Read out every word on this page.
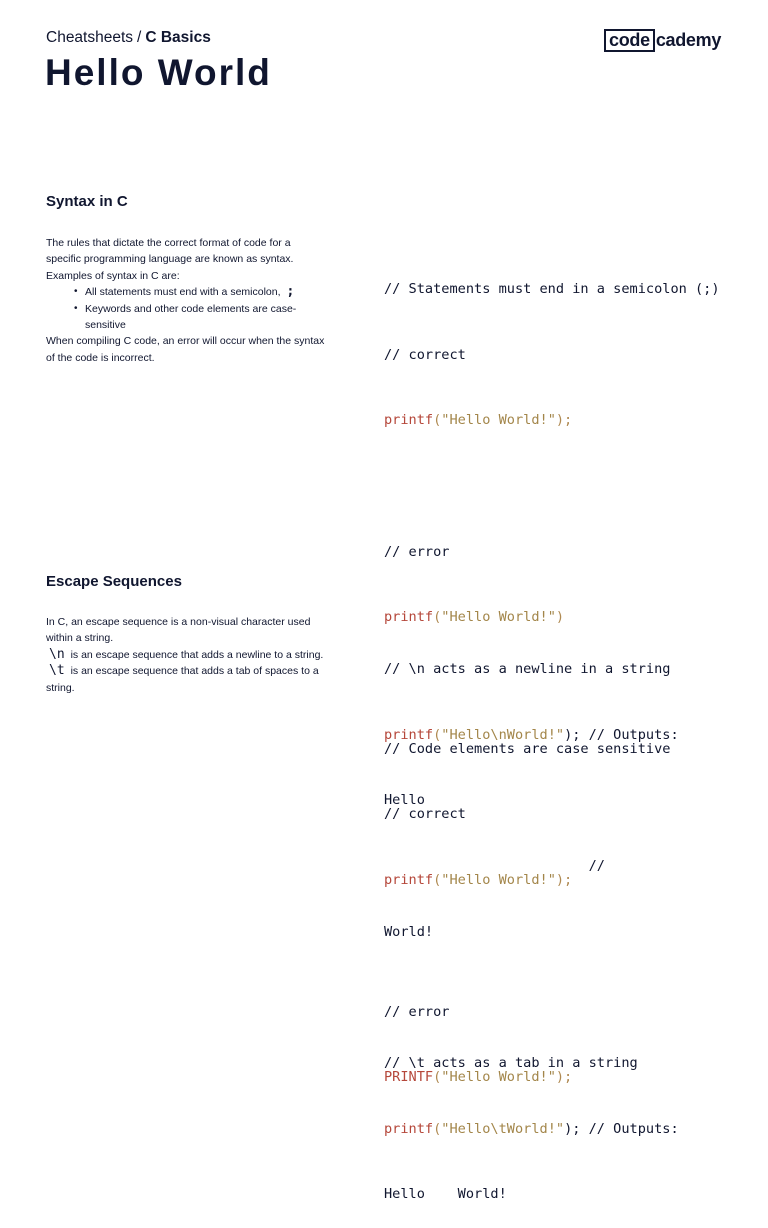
Cheatsheets / C Basics	code cademy
Hello World
Syntax in C

The rules that dictate the correct format of code for a specific programming language are known as syntax. Examples of syntax in C are:

• All statements must end with a semicolon, ;
• Keywords and other code elements are case-sensitive

When compiling C code, an error will occur when the syntax of the code is incorrect.

// Statements must end in a semicolon (;)

// correct

printf("Hello World!");

// error

printf("Hello World!")

// Code elements are case sensitive

// correct

printf("Hello World!");

// error

PRINTF("Hello World!");

Escape Sequences

In C, an escape sequence is a non-visual character used within a string.

\n is an escape sequence that adds a newline to a string. \t is an escape sequence that adds a tab of spaces to a string.

// \n acts as a newline in a string

printf("Hello\nWorld!"); // Outputs:

Hello

//

World!

// \t acts as a tab in a string

printf("Hello\tWorld!"); // Outputs:

Hello    World!
